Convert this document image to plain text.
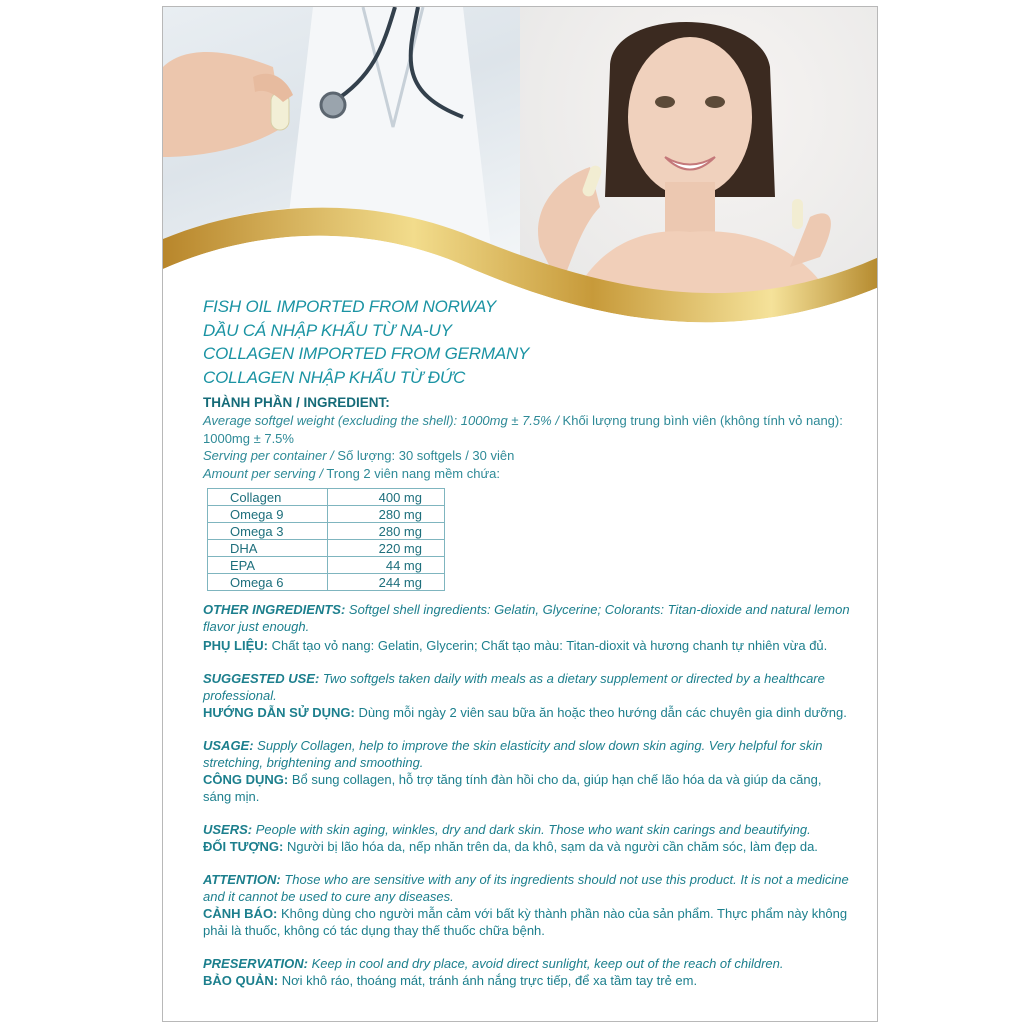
FISH OIL IMPORTED FROM NORWAY
DẦU CÁ NHẬP KHẨU TỪ NA-UY
COLLAGEN IMPORTED FROM GERMANY
COLLAGEN NHẬP KHẨU TỪ ĐỨC
THÀNH PHẦN / INGREDIENT:
Average softgel weight (excluding the shell): 1000mg ± 7.5% / Khối lượng trung bình viên (không tính vỏ nang):
1000mg ± 7.5%
Serving per container / Số lượng: 30 softgels / 30 viên
Amount per serving / Trong 2 viên nang mềm chứa:
Collagen	400 mg
Omega 9	280 mg
Omega 3	280 mg
DHA	220 mg
EPA	44 mg
Omega 6	244 mg
OTHER INGREDIENTS: Softgel shell ingredients: Gelatin, Glycerine; Colorants: Titan-dioxide and natural lemon flavor just enough.
PHỤ LIỆU: Chất tạo vỏ nang: Gelatin, Glycerin; Chất tạo màu: Titan-dioxit và hương chanh tự nhiên vừa đủ.
SUGGESTED USE: Two softgels taken daily with meals as a dietary supplement or directed by a healthcare professional.
HƯỚNG DẪN SỬ DỤNG: Dùng mỗi ngày 2 viên sau bữa ăn hoặc theo hướng dẫn các chuyên gia dinh dưỡng.
USAGE: Supply Collagen, help to improve the skin elasticity and slow down skin aging. Very helpful for skin stretching, brightening and smoothing.
CÔNG DỤNG: Bổ sung collagen, hỗ trợ tăng tính đàn hồi cho da, giúp hạn chế lão hóa da và giúp da căng, sáng mịn.
USERS: People with skin aging, winkles, dry and dark skin. Those who want skin carings and beautifying.
ĐỐI TƯỢNG: Người bị lão hóa da, nếp nhăn trên da, da khô, sạm da và người cần chăm sóc, làm đẹp da.
ATTENTION: Those who are sensitive with any of its ingredients should not use this product. It is not a medicine and it cannot be used to cure any diseases.
CẢNH BÁO: Không dùng cho người mẫn cảm với bất kỳ thành phần nào của sản phẩm. Thực phẩm này không phải là thuốc, không có tác dụng thay thế thuốc chữa bệnh.
PRESERVATION: Keep in cool and dry place, avoid direct sunlight, keep out of the reach of children.
BẢO QUẢN: Nơi khô ráo, thoáng mát, tránh ánh nắng trực tiếp, để xa tầm tay trẻ em.
